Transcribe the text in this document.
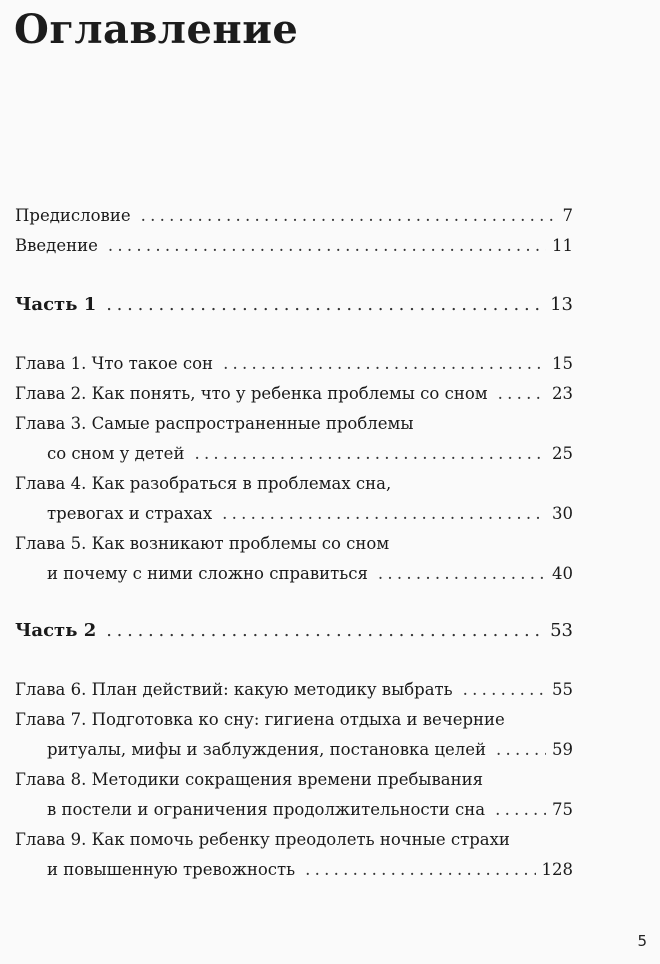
Оглавление
Предисловие . . .	7
Введение . . .	11
Часть 1 . . .	13
Глава 1. Что такое сон . . .	15
Глава 2. Как понять, что у ребенка проблемы со сном . . .	23
Глава 3. Самые распространенные проблемы
со сном у детей . . .	25
Глава 4. Как разобраться в проблемах сна,
тревогах и страхах . . .	30
Глава 5. Как возникают проблемы со сном
и почему с ними сложно справиться . . .	40
Часть 2 . . .	53
Глава 6. План действий: какую методику выбрать . . .	55
Глава 7. Подготовка ко сну: гигиена отдыха и вечерние
ритуалы, мифы и заблуждения, постановка целей . . .	59
Глава 8. Методики сокращения времени пребывания
в постели и ограничения продолжительности сна . . .	75
Глава 9. Как помочь ребенку преодолеть ночные страхи
и повышенную тревожность . . .	128
5
